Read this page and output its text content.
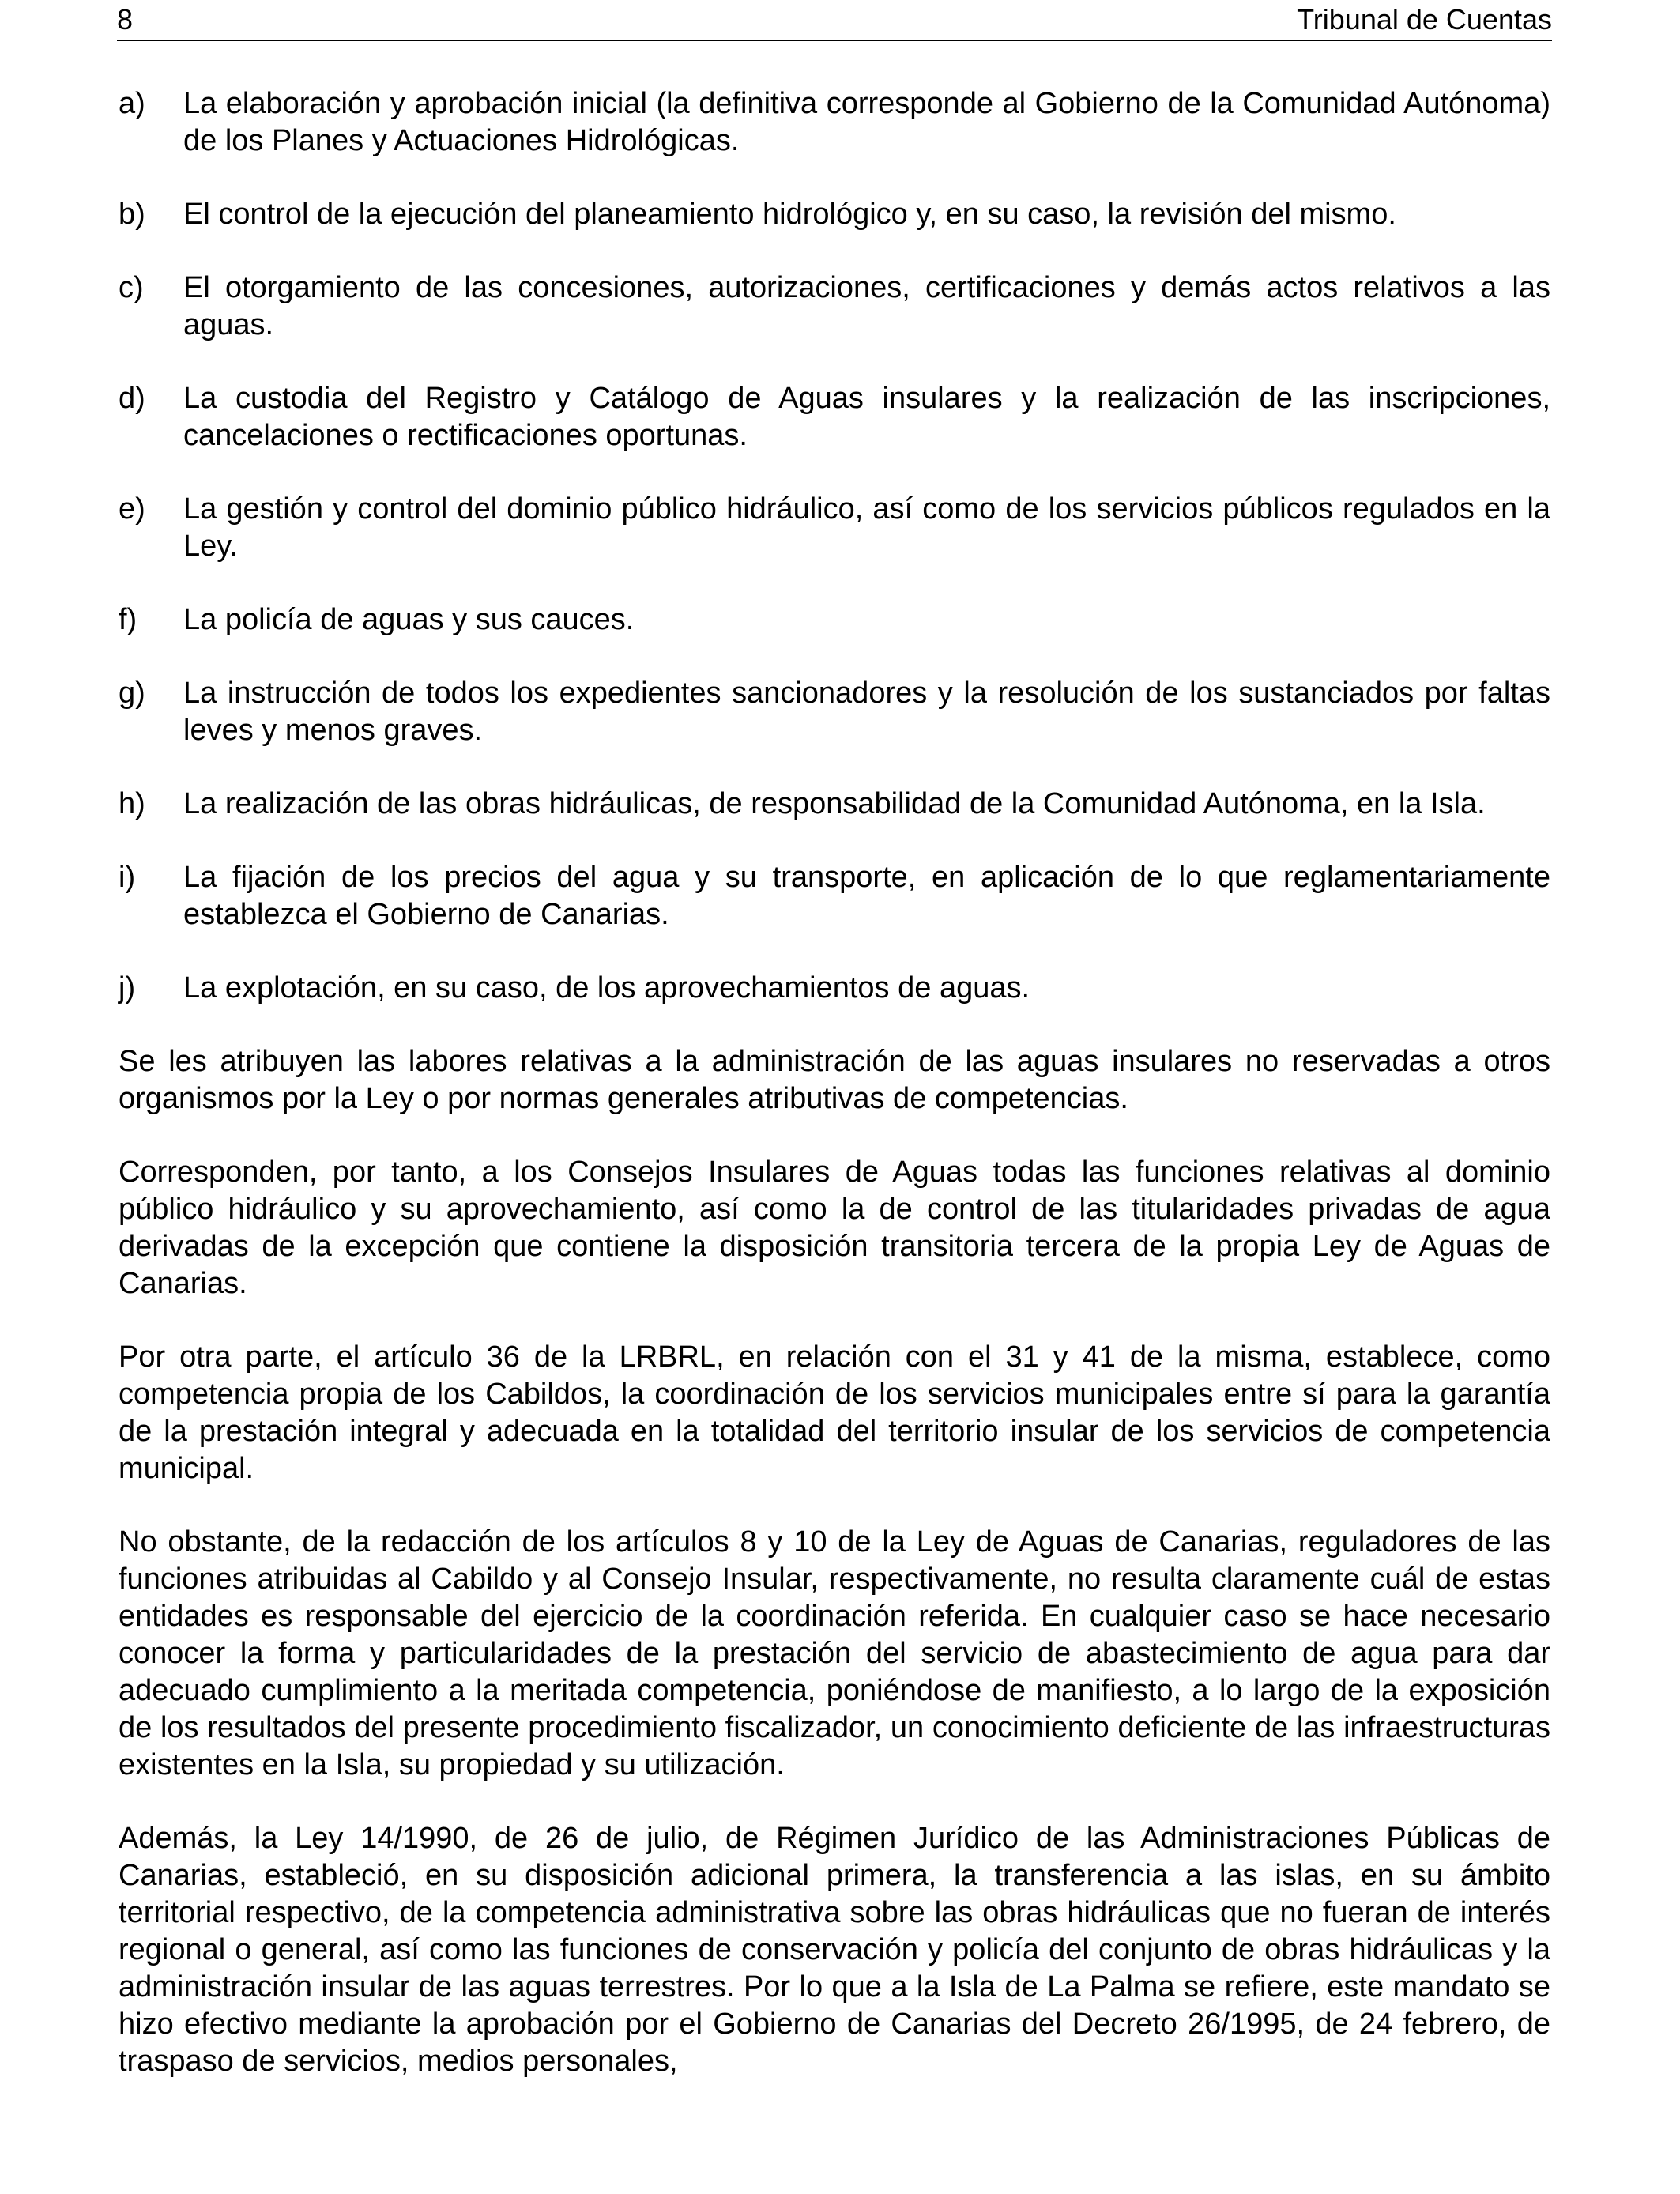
8	Tribunal de Cuentas
a)	La elaboración y aprobación inicial (la definitiva corresponde al Gobierno de la Comunidad Autónoma) de los Planes y Actuaciones Hidrológicas.
b)	El control de la ejecución del planeamiento hidrológico y, en su caso, la revisión del mismo.
c)	El otorgamiento de las concesiones, autorizaciones, certificaciones y demás actos relativos a las aguas.
d)	La custodia del Registro y Catálogo de Aguas insulares y la realización de las inscripciones, cancelaciones o rectificaciones oportunas.
e)	La gestión y control del dominio público hidráulico, así como de los servicios públicos regulados en la Ley.
f)	La policía de aguas y sus cauces.
g)	La instrucción de todos los expedientes sancionadores y la resolución de los sustanciados por faltas leves y menos graves.
h)	La realización de las obras hidráulicas, de responsabilidad de la Comunidad Autónoma, en la Isla.
i)	La fijación de los precios del agua y su transporte, en aplicación de lo que reglamentariamente establezca el Gobierno de Canarias.
j)	La explotación, en su caso, de los aprovechamientos de aguas.

Se les atribuyen las labores relativas a la administración de las aguas insulares no reservadas a otros organismos por la Ley o por normas generales atributivas de competencias.

Corresponden, por tanto, a los Consejos Insulares de Aguas todas las funciones relativas al dominio público hidráulico y su aprovechamiento, así como la de control de las titularidades privadas de agua derivadas de la excepción que contiene la disposición transitoria tercera de la propia Ley de Aguas de Canarias.

Por otra parte, el artículo 36 de la LRBRL, en relación con el 31 y 41 de la misma, establece, como competencia propia de los Cabildos, la coordinación de los servicios municipales entre sí para la garantía de la prestación integral y adecuada en la totalidad del territorio insular de los servicios de competencia municipal.

No obstante, de la redacción de los artículos 8 y 10 de la Ley de Aguas de Canarias, reguladores de las funciones atribuidas al Cabildo y al Consejo Insular, respectivamente, no resulta claramente cuál de estas entidades es responsable del ejercicio de la coordinación referida. En cualquier caso se hace necesario conocer la forma y particularidades de la prestación del servicio de abastecimiento de agua para dar adecuado cumplimiento a la meritada competencia, poniéndose de manifiesto, a lo largo de la exposición de los resultados del presente procedimiento fiscalizador, un conocimiento deficiente de las infraestructuras existentes en la Isla, su propiedad y su utilización.

Además, la Ley 14/1990, de 26 de julio, de Régimen Jurídico de las Administraciones Públicas de Canarias, estableció, en su disposición adicional primera, la transferencia a las islas, en su ámbito territorial respectivo, de la competencia administrativa sobre las obras hidráulicas que no fueran de interés regional o general, así como las funciones de conservación y policía del conjunto de obras hidráulicas y la administración insular de las aguas terrestres. Por lo que a la Isla de La Palma se refiere, este mandato se hizo efectivo mediante la aprobación por el Gobierno de Canarias del Decreto 26/1995, de 24 febrero, de traspaso de servicios, medios personales,
